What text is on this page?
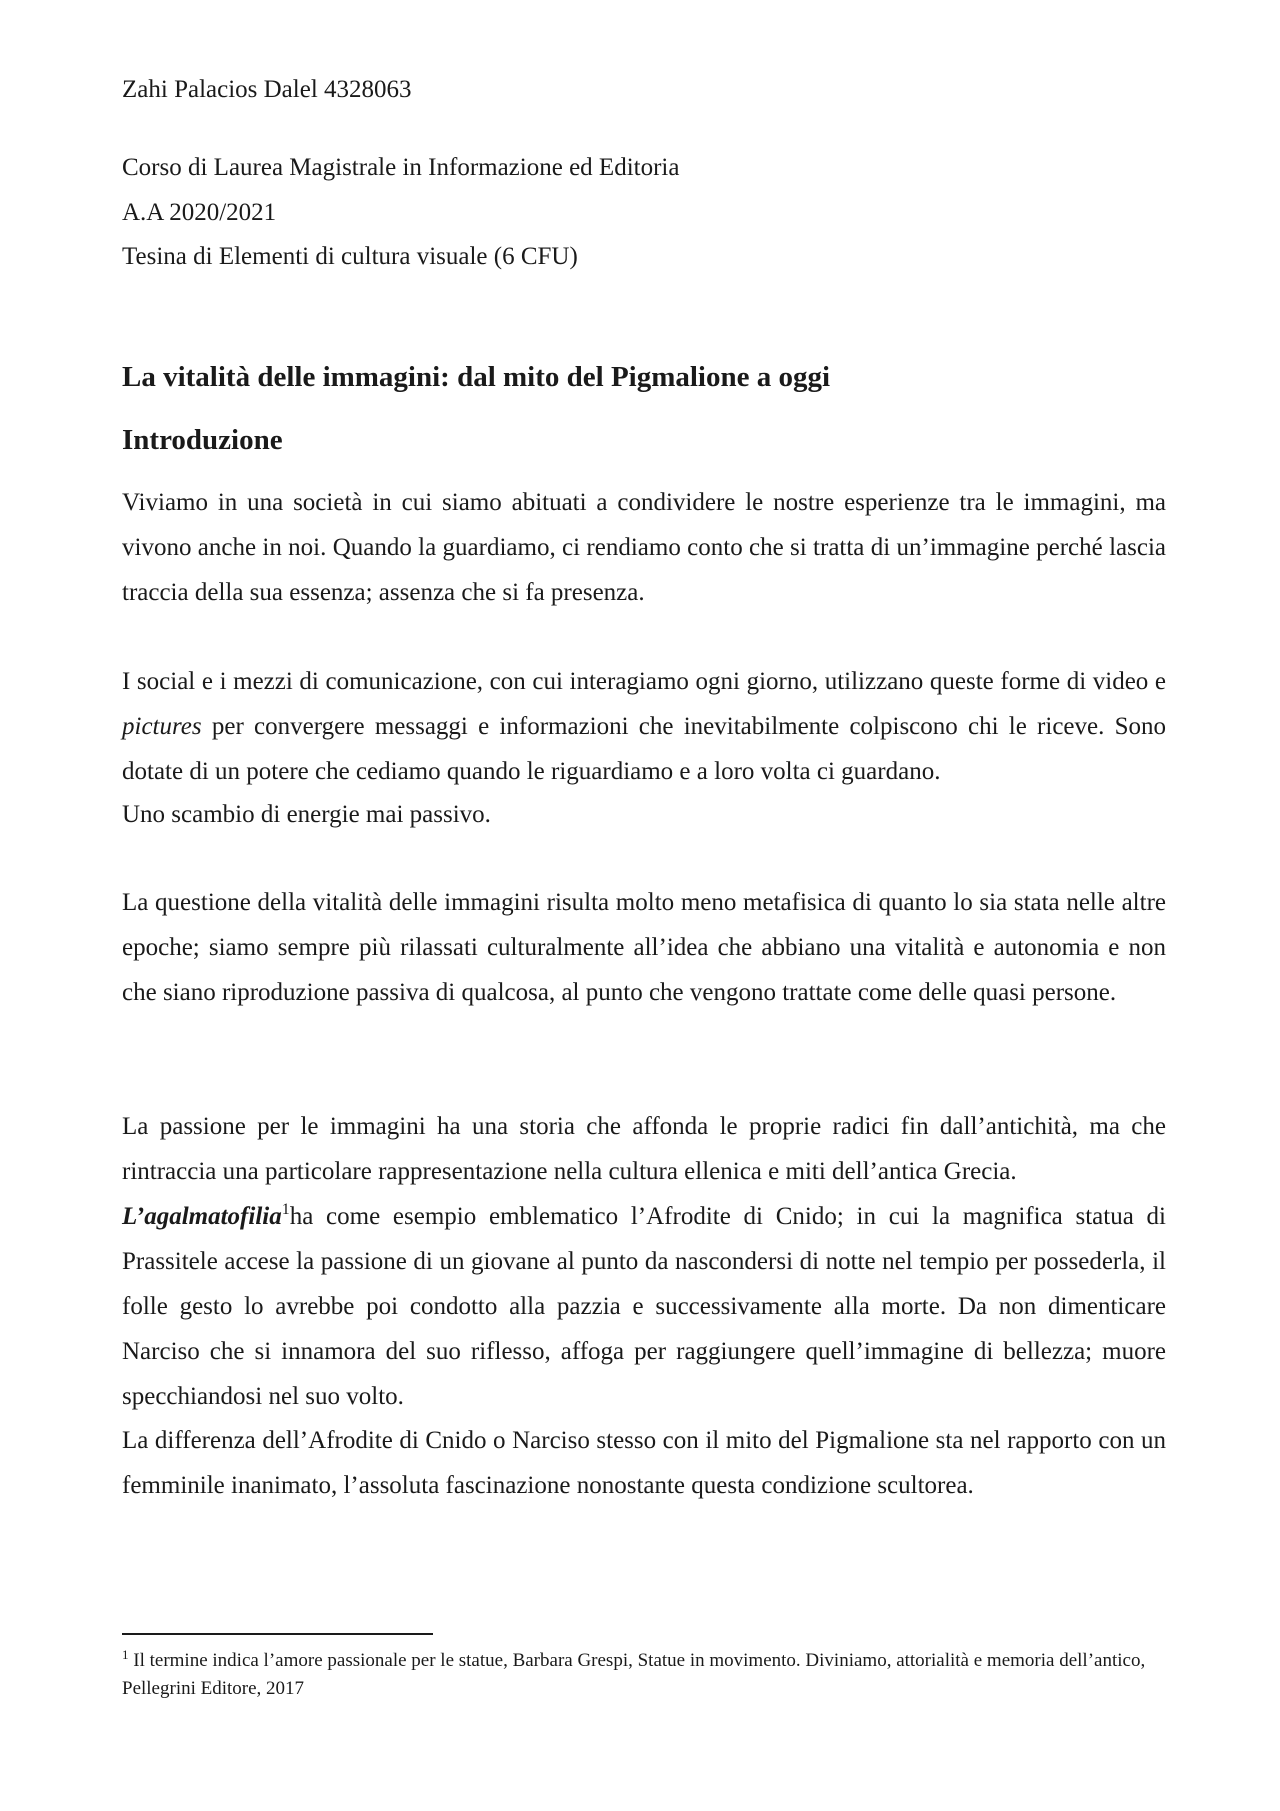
Zahi Palacios Dalel 4328063
Corso di Laurea Magistrale in Informazione ed Editoria
A.A 2020/2021
Tesina di Elementi di cultura visuale (6 CFU)
La vitalità delle immagini: dal mito del Pigmalione a oggi
Introduzione

Viviamo in una società in cui siamo abituati a condividere le nostre esperienze tra le immagini, ma vivono anche in noi. Quando la guardiamo, ci rendiamo conto che si tratta di un’immagine perché lascia traccia della sua essenza; assenza che si fa presenza.

I social e i mezzi di comunicazione, con cui interagiamo ogni giorno, utilizzano queste forme di video e pictures per convergere messaggi e informazioni che inevitabilmente colpiscono chi le riceve. Sono dotate di un potere che cediamo quando le riguardiamo e a loro volta ci guardano.

Uno scambio di energie mai passivo.

La questione della vitalità delle immagini risulta molto meno metafisica di quanto lo sia stata nelle altre epoche; siamo sempre più rilassati culturalmente all’idea che abbiano una vitalità e autonomia e non che siano riproduzione passiva di qualcosa, al punto che vengono trattate come delle quasi persone.

La passione per le immagini ha una storia che affonda le proprie radici fin dall’antichità, ma che rintraccia una particolare rappresentazione nella cultura ellenica e miti dell’antica Grecia.

L’agalmatofilia$^1$ha come esempio emblematico l’Afrodite di Cnido; in cui la magnifica statua di Prassitele accese la passione di un giovane al punto da nascondersi di notte nel tempio per possederla, il folle gesto lo avrebbe poi condotto alla pazzia e successivamente alla morte. Da non dimenticare Narciso che si innamora del suo riflesso, affoga per raggiungere quell’immagine di bellezza; muore specchiandosi nel suo volto.

La differenza dell’Afrodite di Cnido o Narciso stesso con il mito del Pigmalione sta nel rapporto con un femminile inanimato, l’assoluta fascinazione nonostante questa condizione scultorea.

$^1$ Il termine indica l’amore passionale per le statue, Barbara Grespi, Statue in movimento. Diviniamo, attorialità e memoria dell’antico, Pellegrini Editore, 2017
